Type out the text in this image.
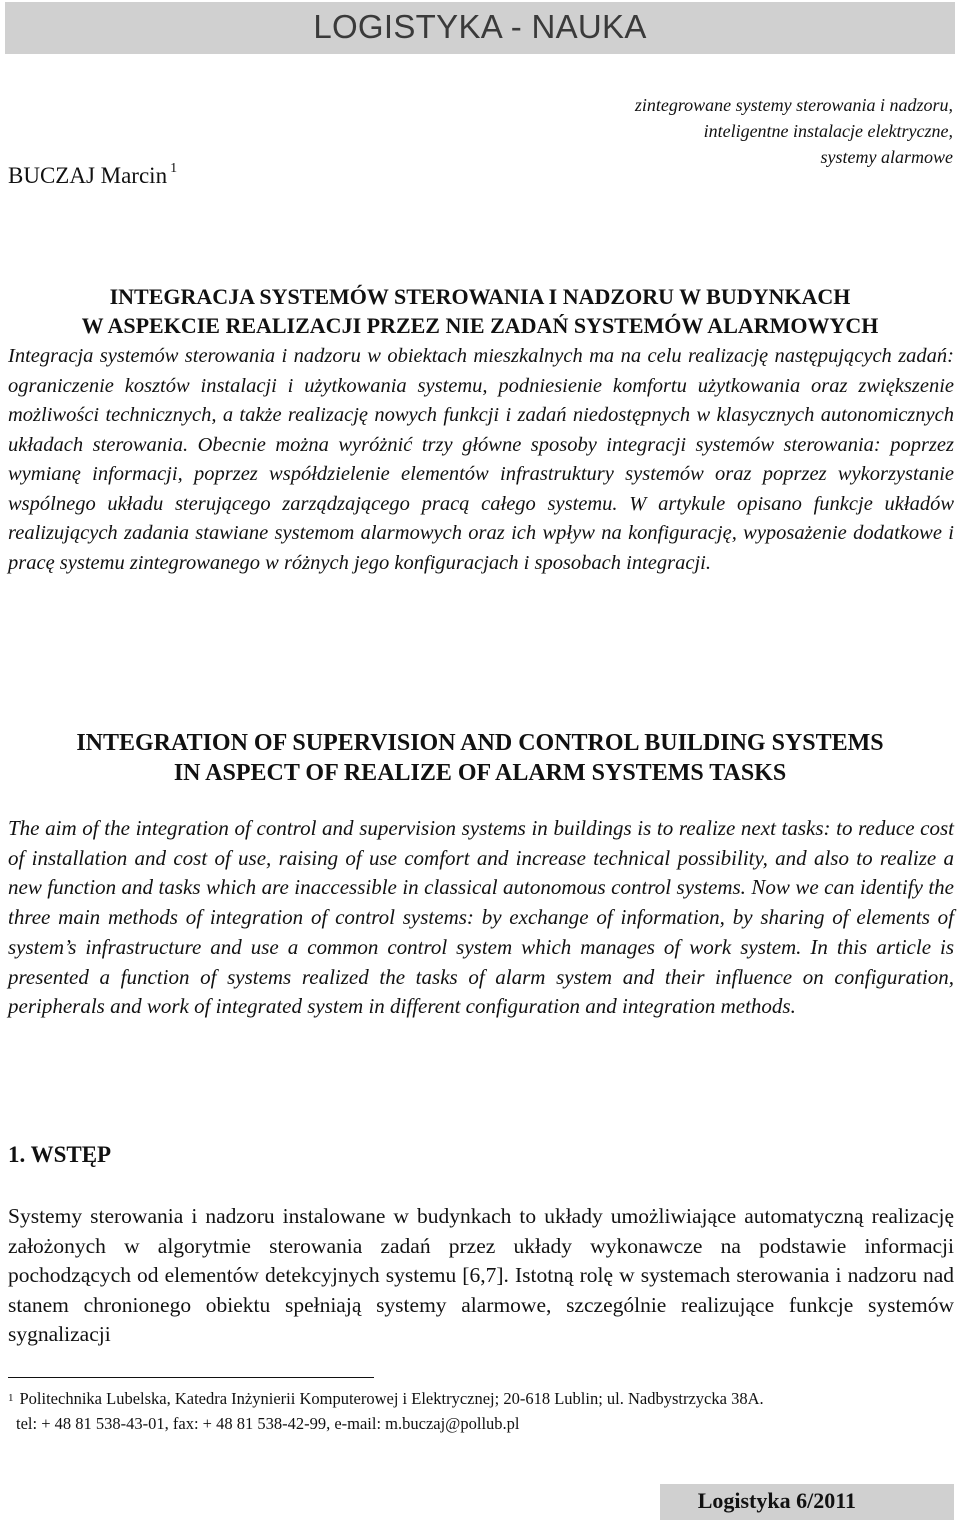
LOGISTYKA - NAUKA
zintegrowane systemy sterowania i nadzoru,
inteligentne instalacje elektryczne,
systemy alarmowe
BUCZAJ Marcin $^1$
INTEGRACJA SYSTEMÓW STEROWANIA I NADZORU W BUDYNKACH
W ASPEKCIE REALIZACJI PRZEZ NIE ZADAŃ SYSTEMÓW ALARMOWYCH
Integracja systemów sterowania i nadzoru w obiektach mieszkalnych ma na celu realizację następujących zadań: ograniczenie kosztów instalacji i użytkowania systemu, podniesienie komfortu użytkowania oraz zwiększenie możliwości technicznych, a także realizację nowych funkcji i zadań niedostępnych w klasycznych autonomicznych układach sterowania. Obecnie można wyróżnić trzy główne sposoby integracji systemów sterowania: poprzez wymianę informacji, poprzez współdzielenie elementów infrastruktury systemów oraz poprzez wykorzystanie wspólnego układu sterującego zarządzającego pracą całego systemu. W artykule opisano funkcje układów realizujących zadania stawiane systemom alarmowych oraz ich wpływ na konfigurację, wyposażenie dodatkowe i pracę systemu zintegrowanego w różnych jego konfiguracjach i sposobach integracji.
INTEGRATION OF SUPERVISION AND CONTROL BUILDING SYSTEMS
IN ASPECT OF REALIZE OF ALARM SYSTEMS TASKS
The aim of the integration of control and supervision systems in buildings is to realize next tasks: to reduce cost of installation and cost of use, raising of use comfort and increase technical possibility, and also to realize a new function and tasks which are inaccessible in classical autonomous control systems. Now we can identify the three main methods of integration of control systems: by exchange of information, by sharing of elements of system’s infrastructure and use a common control system which manages of work system. In this article is presented a function of systems realized the tasks of alarm system and their influence on configuration, peripherals and work of integrated system in different configuration and integration methods.
1. WSTĘP
Systemy sterowania i nadzoru instalowane w budynkach to układy umożliwiające automatyczną realizację założonych w algorytmie sterowania zadań przez układy wykonawcze na podstawie informacji pochodzących od elementów detekcyjnych systemu [6,7]. Istotną rolę w systemach sterowania i nadzoru nad stanem chronionego obiektu spełniają systemy alarmowe, szczególnie realizujące funkcje systemów sygnalizacji
$^1$ Politechnika Lubelska, Katedra Inżynierii Komputerowej i Elektrycznej; 20-618 Lublin; ul. Nadbystrzycka 38A.
tel: + 48 81 538-43-01, fax: + 48 81 538-42-99, e-mail: m.buczaj@pollub.pl
Logistyka 6/2011
